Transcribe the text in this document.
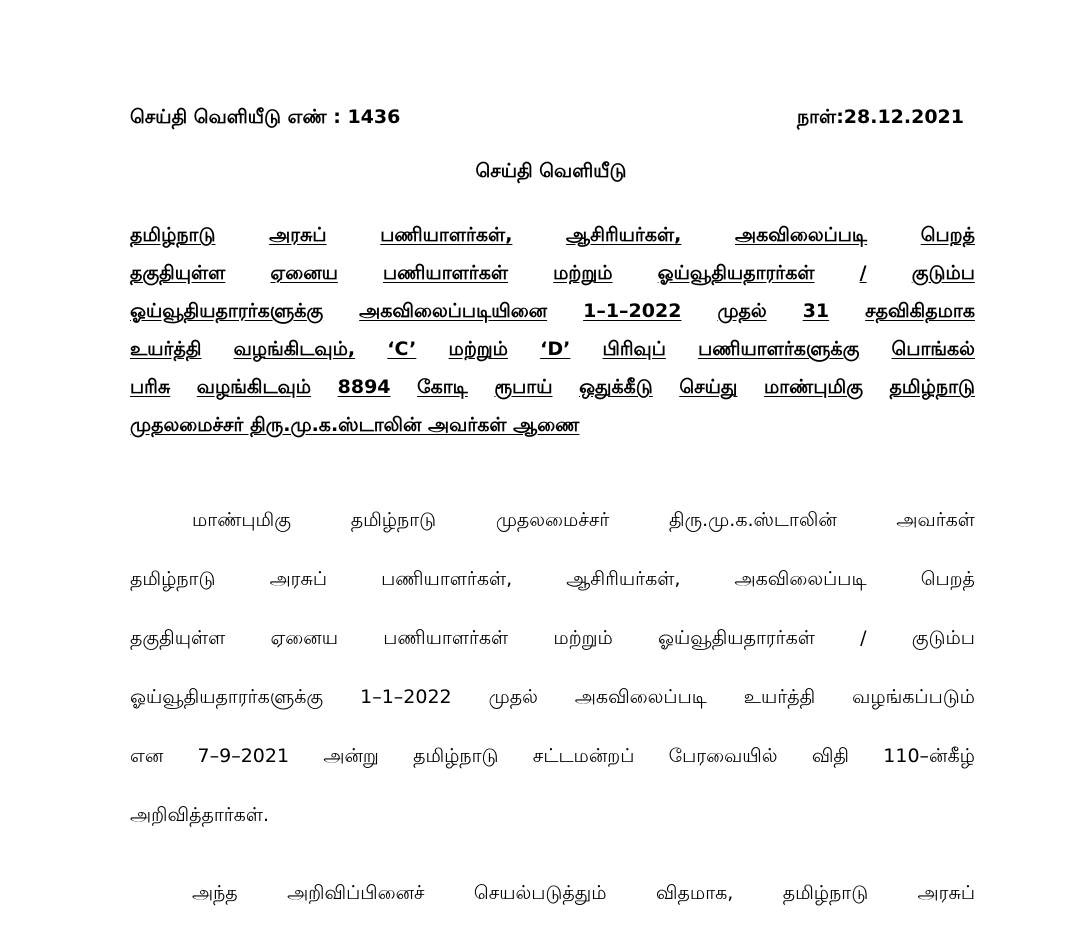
செய்தி வெளியீடு எண் : 1436	நாள்:28.12.2021
செய்தி வெளியீடு
தமிழ்நாடு	அரசுப்	பணியாளர்கள்,	ஆசிரியர்கள்,	அகவிலைப்படி	பெறத்
தகுதியுள்ள ஏனைய பணியாளர்கள் மற்றும் ஓய்வூதியதாரர்கள் / குடும்ப
ஓய்வூதியதாரர்களுக்கு அகவிலைப்படியினை 1–1–2022 முதல் 31 சதவிகிதமாக
உயர்த்தி வழங்கிடவும், ‘C’ மற்றும் ‘D’ பிரிவுப் பணியாளர்களுக்கு பொங்கல்
பரிசு வழங்கிடவும் 8894 கோடி ரூபாய் ஒதுக்கீடு செய்து மாண்புமிகு தமிழ்நாடு
முதலமைச்சர் திரு.மு.க.ஸ்டாலின் அவர்கள் ஆணை
மாண்புமிகு	தமிழ்நாடு	முதலமைச்சர்	திரு.மு.க.ஸ்டாலின்	அவர்கள்
தமிழ்நாடு	அரசுப்	பணியாளர்கள்,	ஆசிரியர்கள்,	அகவிலைப்படி	பெறத்
தகுதியுள்ள ஏனைய பணியாளர்கள் மற்றும் ஓய்வூதியதாரர்கள் / குடும்ப
ஓய்வூதியதாரர்களுக்கு 1–1–2022 முதல் அகவிலைப்படி உயர்த்தி வழங்கப்படும்
என 7–9–2021 அன்று தமிழ்நாடு சட்டமன்றப் பேரவையில் விதி 110–ன்கீழ்
அறிவித்தார்கள்.
அந்த	அறிவிப்பினைச்	செயல்படுத்தும்	விதமாக,	தமிழ்நாடு	அரசுப்
